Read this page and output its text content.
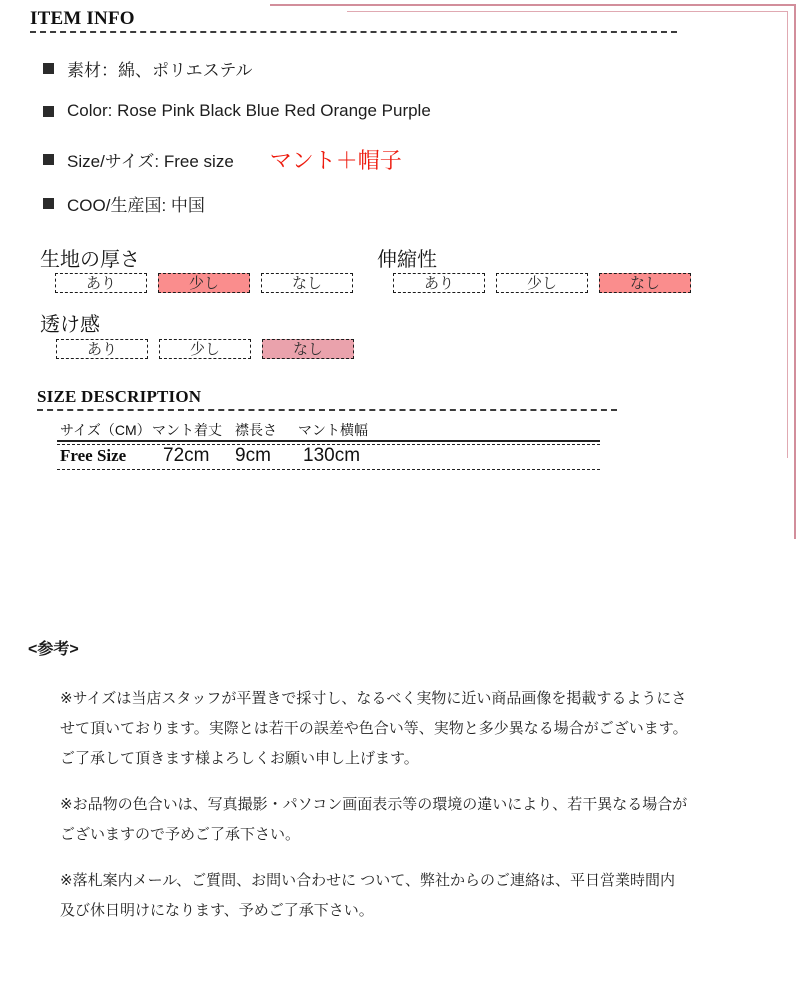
ITEM INFO
素材：綿、ポリエステル
Color: Rose Pink Black Blue Red Orange Purple
Size/サイズ: Free size マント＋帽子
COO/生産国: 中国
生地の厚さ
あり	少し	なし
伸縮性
あり	少し	なし
透け感
あり	少し	なし
SIZE DESCRIPTION
サイズ（CM） マント着丈 襟長さ マント横幅
Free Size 72cm 9cm 130cm
<参考>
※サイズは当店スタッフが平置きで採寸し、なるべく実物に近い商品画像を掲載するようにさせて頂いております。実際とは若干の誤差や色合い等、実物と多少異なる場合がございます。ご了承して頂きます様よろしくお願い申し上げます。
※お品物の色合いは、写真撮影・パソコン画面表示等の環境の違いにより、若干異なる場合がございますので予めご了承下さい。
※落札案内メール、ご質問、お問い合わせに ついて、弊社からのご連絡は、平日営業時間内及び休日明けになります、予めご了承下さい。
